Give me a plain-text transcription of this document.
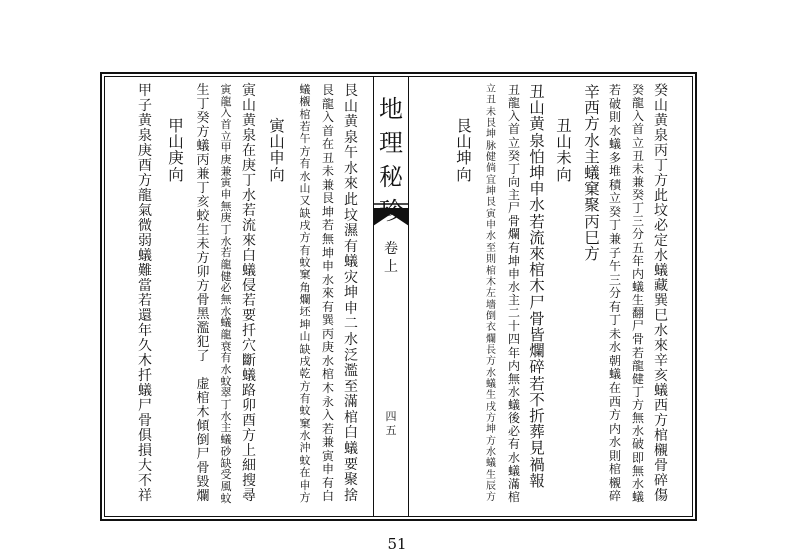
地
理
秘
卷
上
四
五
癸
山
黄
泉
丙
丁
方
此
坟
必
定
水
蟻
藏
巽
巳
水
來
辛
亥
蟻
西
方
棺
櫬
骨
碎
傷
癸
龍
入
首
立
丑
未
兼
癸
丁
三
分
五
年
内
蟻
生
翻
尸
骨
若
龍
健
丁
方
無
水
破
即
無
水
蟻
若
破
則
水
蟻
多
堆
積
立
癸
丁
兼
子
午
三
分
有
丁
未
水
朝
蟻
在
西
方
内
水
則
棺
櫬
碎
辛
西
方
水
主
蟻
窠
聚
丙
巳
方
丑
山
未
向
丑
山
黄
泉
怕
坤
申
水
若
流
來
棺
木
尸
骨
皆
爛
碎
若
不
折
葬
見
禍
報
丑
龍
入
首
立
癸
丁
向
主
尸
骨
爛
有
坤
申
水
主
二
十
四
年
内
無
水
蟻
後
必
有
水
蟻
滿
棺
立
丑
未
艮
坤
脉
健
倘
宜
坤
艮
寅
申
水
至
則
棺
木
左
墻
倒
衣
爛
長
方
水
蟻
生
戌
方
坤
方
水
蟻
生
辰
方
艮
山
坤
向
艮
山
黄
泉
午
水
來
此
坟
濕
有
蟻
灾
坤
申
二
水
泛
濫
至
滿
棺
白
蟻
要
聚
捨
艮
龍
入
首
在
丑
未
兼
艮
坤
若
無
坤
申
水
來
有
巽
丙
庚
水
棺
木
永
入
若
兼
寅
申
有
白
蟻
櫬
棺
若
午
方
有
水
山
又
缺
戌
方
有
蚊
窠
角
爛
坯
坤
山
缺
戌
乾
方
有
蚊
窠
水
沖
蚊
在
申
方
寅
山
申
向
寅
山
黄
泉
在
庚
丁
水
若
流
來
白
蟻
侵
若
要
扦
穴
斷
蟻
路
卯
酉
方
上
細
搜
尋
寅
龍
入
首
立
甲
庚
兼
寅
申
無
庚
丁
水
若
龍
健
必
無
水
蟻
龍
衰
有
水
蚊
翠
丁
水
主
蟻
砂
缺
受
風
蚊
生
丁
癸
方
蟻
丙
兼
丁
亥
蛟
生
未
方
卯
方
骨
黑
濫
犯
了

虚
棺
木
傾
倒
尸
骨
毀
爛
甲
山
庚
向
甲
子
黄
泉
庚
酉
方
龍
氣
微
弱
蟻
難
當
若
還
年
久
木
扦
蟻
尸
骨
俱
損
大
不
祥
51
